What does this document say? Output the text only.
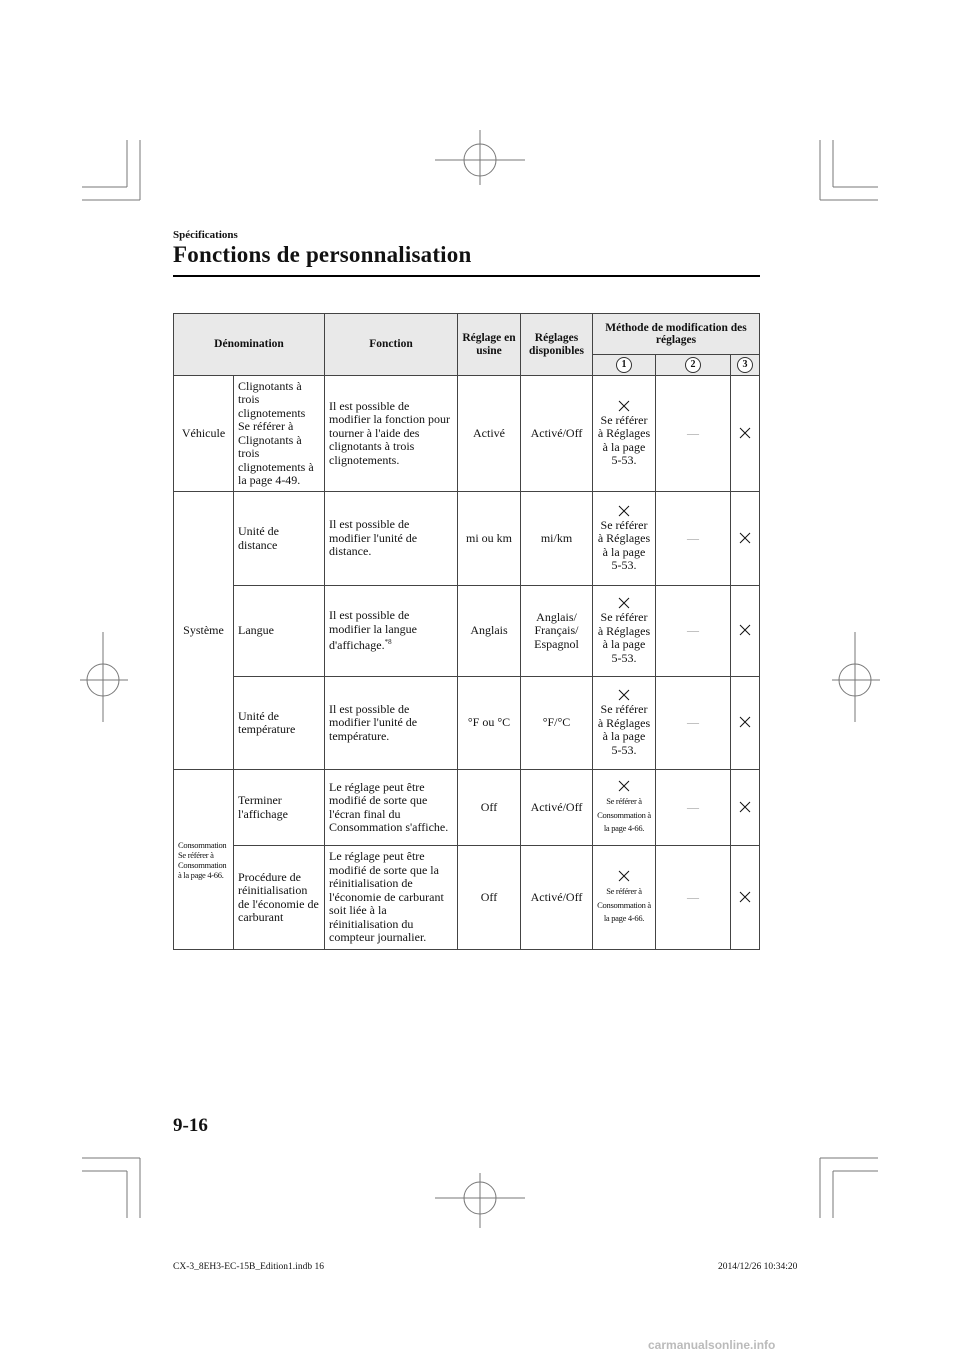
Spécifications
Fonctions de personnalisation
Dénomination		Fonction	Réglage en usine	Réglages disponibles	Méthode de modification des réglages		
					1	2	3
Véhicule	Clignotants à trois clignotements Se référer à Clignotants à trois clignotements à la page 4-49.	Il est possible de modifier la fonction pour tourner à l'aide des clignotants à trois clignotements.	Activé	Activé/Off	Se référer à Réglages à la page 5-53.	—	

Système	Unité de distance	Il est possible de modifier l'unité de distance.	mi ou km	mi/km	Se référer à Réglages à la page 5-53.	—	

	Langue	Il est possible de modifier la langue d'affichage.$^{*8}$	Anglais	Anglais/ Français/ Espagnol	Se référer à Réglages à la page 5-53.	—	

	Unité de température	Il est possible de modifier l'unité de température.	°F ou °C	°F/°C	Se référer à Réglages à la page 5-53.	—	

Consommation Se référer à Consommation à la page 4-66.	Terminer l'affichage	Le réglage peut être modifié de sorte que l'écran final du Consommation s'affiche.	Off	Activé/Off	Se référer à Consommation à la page 4-66.	—	

	Procédure de réinitialisation de l'économie de carburant	Le réglage peut être modifié de sorte que la réinitialisation de l'économie de carburant soit liée à la réinitialisation du compteur journalier.	Off	Activé/Off	Se référer à Consommation à la page 4-66.	—	
9-16
CX-3_8EH3-EC-15B_Edition1.indb 16	2014/12/26 10:34:20
carmanualsonline.info
